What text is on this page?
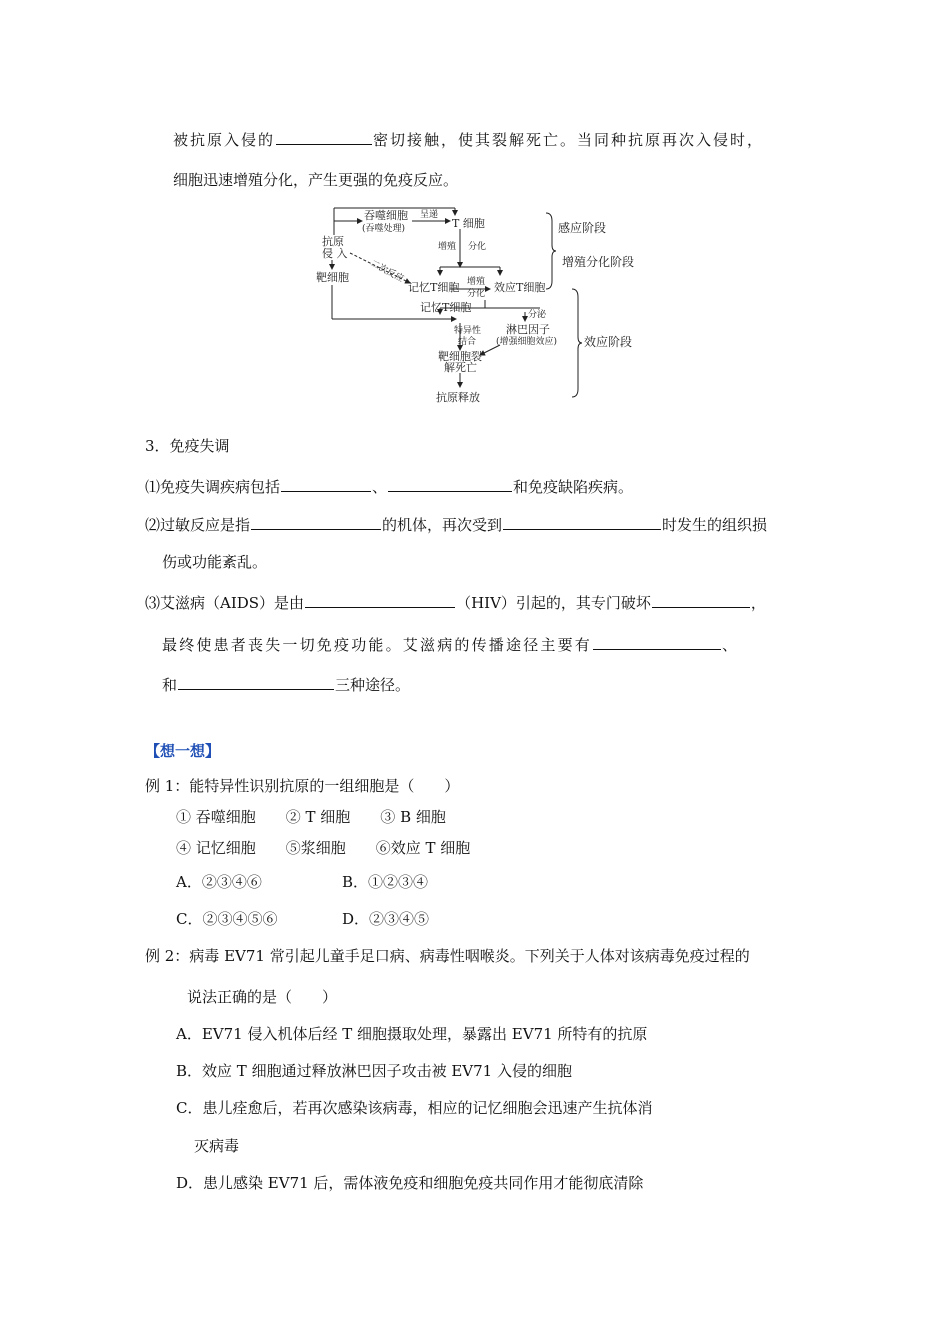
被抗原入侵的	密切接触，使其裂解死亡。当同种抗原再次入侵时，
细胞迅速增殖分化，产生更强的免疫反应。
吞噬细胞
(吞噬处理)
呈递
T 细胞
抗原
侵 入	增殖 分化
二次反应
靶细胞
记忆T细胞 增殖
分化 效应T细胞
记忆T细胞
分泌
特异性
结合
淋巴因子
(增强细胞效应)
靶细胞裂
解死亡
抗原释放
感应阶段
增殖分化阶段
效应阶段
3．免疫失调
⑴免疫失调疾病包括	、	和免疫缺陷疾病。
⑵过敏反应是指	的机体，再次受到	时发生的组织损
伤或功能紊乱。
⑶艾滋病（AIDS）是由	（HIV）引起的，其专门破坏	，
最终使患者丧失一切免疫功能。艾滋病的传播途径主要有	、
和	三种途径。
【想一想】
例 1：能特异性识别抗原的一组细胞是（　　）
① 吞噬细胞　　② T 细胞　　③ B 细胞
④ 记忆细胞　　⑤浆细胞　　⑥效应 T 细胞
A．②③④⑥	B．①②③④
C．②③④⑤⑥	D．②③④⑤
例 2：病毒 EV71 常引起儿童手足口病、病毒性咽喉炎。下列关于人体对该病毒免疫过程的
说法正确的是（　　）
A．EV71 侵入机体后经 T 细胞摄取处理，暴露出 EV71 所特有的抗原
B．效应 T 细胞通过释放淋巴因子攻击被 EV71 入侵的细胞
C．患儿痊愈后，若再次感染该病毒，相应的记忆细胞会迅速产生抗体消
灭病毒
D．患儿感染 EV71 后，需体液免疫和细胞免疫共同作用才能彻底清除
